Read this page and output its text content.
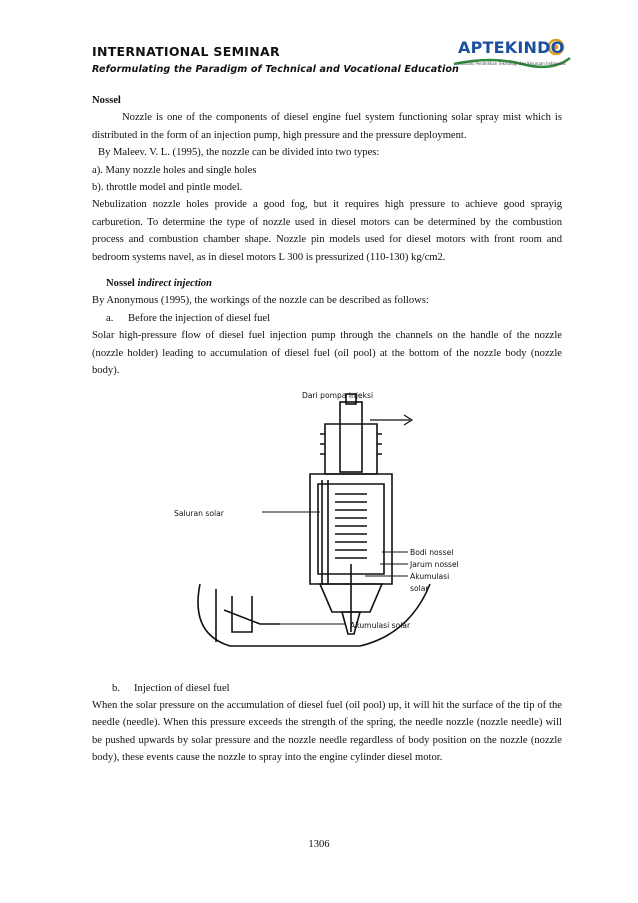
INTERNATIONAL SEMINAR
Reformulating the Paradigm of Technical and Vocational Education
APTEKINDO
Asosiasi Pendidikan Teknologi dan Kejuruan Indonesia

Nossel

Nozzle is one of the components of diesel engine fuel system functioning solar spray mist which is distributed in the form of an injection pump, high pressure and the pressure deployment.

By Maleev. V. L. (1995), the nozzle can be divided into two types:

a). Many nozzle holes and single holes

b). throttle model and pintle model.

Nebulization nozzle holes provide a good fog, but it requires high pressure to achieve good sprayig carburetion. To determine the type of nozzle used in diesel motors can be determined by the combustion process and combustion chamber shape. Nozzle pin models used for diesel motors with front room and bedroom systems navel, as in diesel motors L 300 is pressurized (110-130) kg/cm2.

Nossel indirect injection

By Anonymous (1995), the workings of the nozzle can be described as follows:

a.	Before the injection of diesel fuel

Solar high-pressure flow of diesel fuel injection pump through the channels on the handle of the nozzle (nozzle holder) leading to accumulation of diesel fuel (oil pool) at the bottom of the nozzle body (nozzle body).

b.	Injection of diesel fuel

When the solar pressure on the accumulation of diesel fuel (oil pool) up, it will hit the surface of the tip of the needle (needle). When this pressure exceeds the strength of the spring, the needle nozzle (nozzle needle) will be pushed upwards by solar pressure and the nozzle needle regardless of body position on the nozzle (nozzle body), these events cause the nozzle to spray into the engine cylinder diesel motor.

Dari pompa injeksi
Saluran solar
Bodi nossel
Jarum nossel
Akumulasi
solar
Akumulasi solar
1306
